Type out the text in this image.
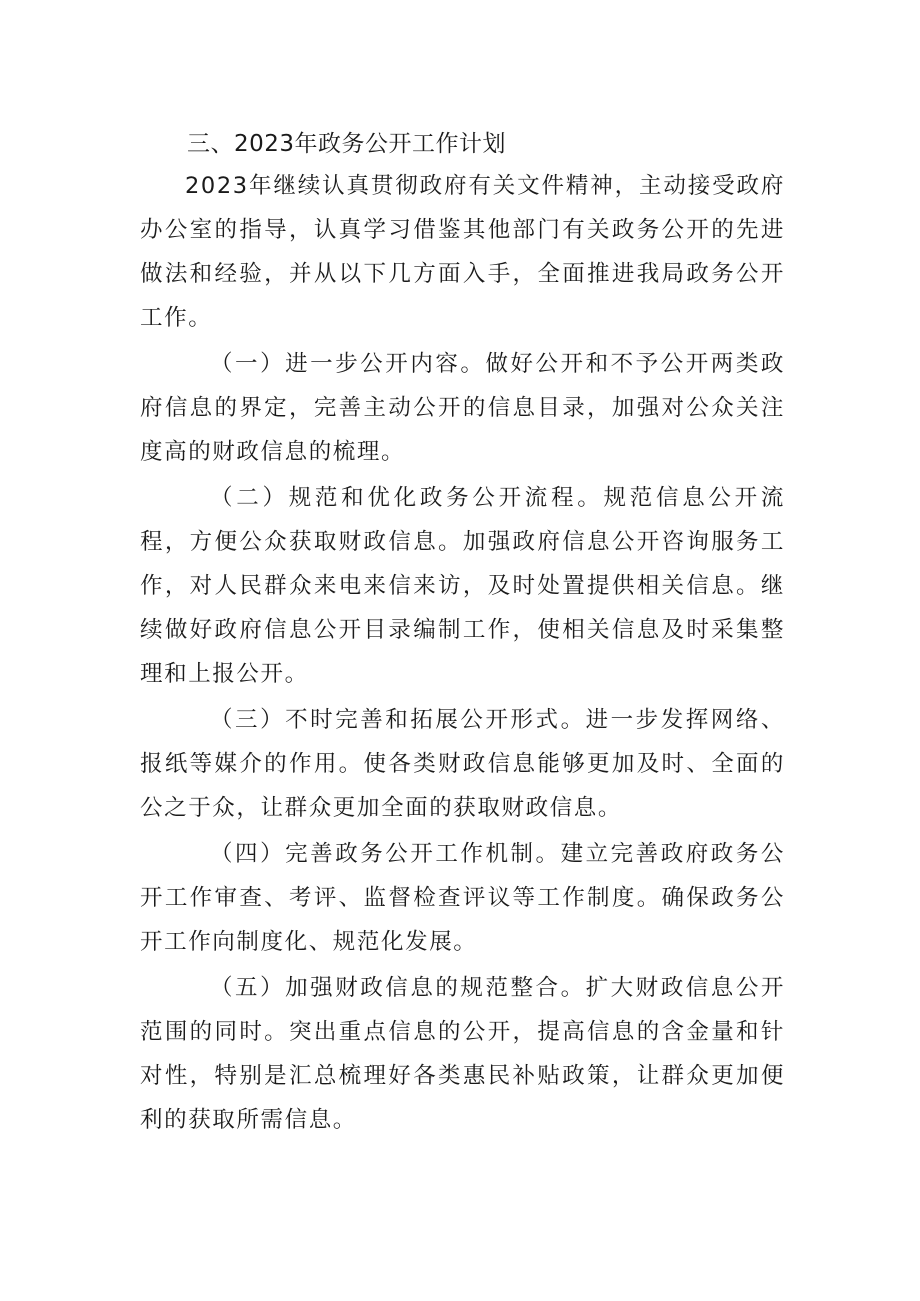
三、2023年政务公开工作计划

2023年继续认真贯彻政府有关文件精神，主动接受政府办公室的指导，认真学习借鉴其他部门有关政务公开的先进做法和经验，并从以下几方面入手，全面推进我局政务公开工作。

（一）进一步公开内容。做好公开和不予公开两类政府信息的界定，完善主动公开的信息目录，加强对公众关注度高的财政信息的梳理。

（二）规范和优化政务公开流程。规范信息公开流程，方便公众获取财政信息。加强政府信息公开咨询服务工作，对人民群众来电来信来访，及时处置提供相关信息。继续做好政府信息公开目录编制工作，使相关信息及时采集整理和上报公开。

（三）不时完善和拓展公开形式。进一步发挥网络、报纸等媒介的作用。使各类财政信息能够更加及时、全面的公之于众，让群众更加全面的获取财政信息。

（四）完善政务公开工作机制。建立完善政府政务公开工作审查、考评、监督检查评议等工作制度。确保政务公开工作向制度化、规范化发展。

（五）加强财政信息的规范整合。扩大财政信息公开范围的同时。突出重点信息的公开，提高信息的含金量和针对性，特别是汇总梳理好各类惠民补贴政策，让群众更加便利的获取所需信息。
